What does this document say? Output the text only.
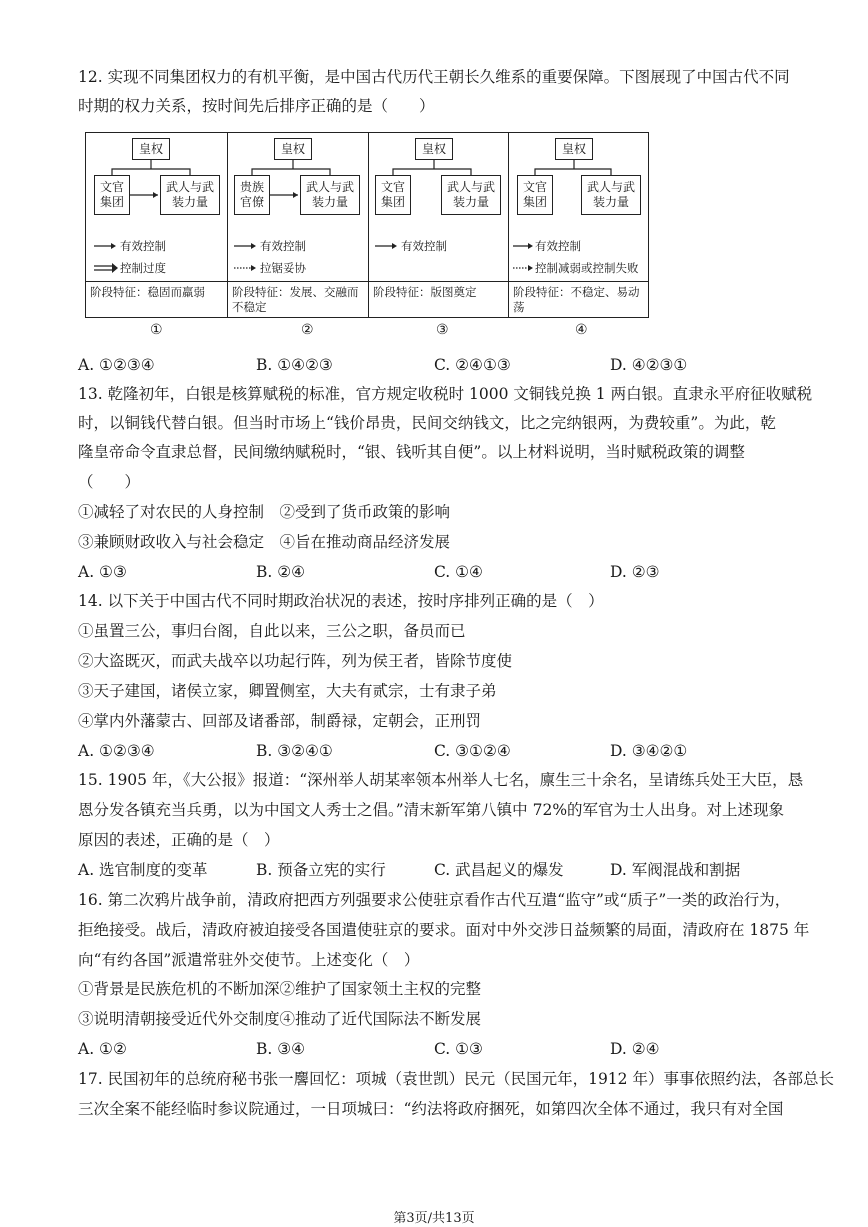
12. 实现不同集团权力的有机平衡，是中国古代历代王朝长久维系的重要保障。下图展现了中国古代不同
时期的权力关系，按时间先后排序正确的是（　　）
皇权
文官集团
武人与武装力量
有效控制
控制过度
阶段特征：稳固而羸弱
皇权
贵族官僚
武人与武装力量
有效控制
拉锯妥协
阶段特征：发展、交融而不稳定
皇权
文官集团
武人与武装力量
有效控制
阶段特征：版图奠定
皇权
文官集团
武人与武装力量
有效控制
控制减弱或控制失败
阶段特征：不稳定、易动荡
①	②	③	④
A. ①②③④	B. ①④②③	C. ②④①③	D. ④②③①
13. 乾隆初年，白银是核算赋税的标准，官方规定收税时 1000 文铜钱兑换 1 两白银。直隶永平府征收赋税
时，以铜钱代替白银。但当时市场上“钱价昂贵，民间交纳钱文，比之完纳银两，为费较重”。为此，乾
隆皇帝命令直隶总督，民间缴纳赋税时，“银、钱听其自便”。以上材料说明，当时赋税政策的调整
（　　）
①减轻了对农民的人身控制　②受到了货币政策的影响
③兼顾财政收入与社会稳定　④旨在推动商品经济发展
A. ①③	B. ②④	C. ①④	D. ②③
14. 以下关于中国古代不同时期政治状况的表述，按时序排列正确的是（　）
①虽置三公，事归台阁，自此以来，三公之职，备员而已
②大盗既灭，而武夫战卒以功起行阵，列为侯王者，皆除节度使
③天子建国，诸侯立家，卿置侧室，大夫有贰宗，士有隶子弟
④掌内外藩蒙古、回部及诸番部，制爵禄，定朝会，正刑罚
A. ①②③④	B. ③②④①	C. ③①②④	D. ③④②①
15. 1905 年，《大公报》报道：“深州举人胡某率领本州举人七名，廪生三十余名，呈请练兵处王大臣，恳
恩分发各镇充当兵勇，以为中国文人秀士之倡。”清末新军第八镇中 72%的军官为士人出身。对上述现象
原因的表述，正确的是（　）
A. 选官制度的变革	B. 预备立宪的实行	C. 武昌起义的爆发	D. 军阀混战和割据
16. 第二次鸦片战争前，清政府把西方列强要求公使驻京看作古代互遣“监守”或“质子”一类的政治行为，
拒绝接受。战后，清政府被迫接受各国遣使驻京的要求。面对中外交涉日益频繁的局面，清政府在 1875 年
向“有约各国”派遣常驻外交使节。上述变化（　）
①背景是民族危机的不断加深②维护了国家领土主权的完整
③说明清朝接受近代外交制度④推动了近代国际法不断发展
A. ①②	B. ③④	C. ①③	D. ②④
17. 民国初年的总统府秘书张一麐回忆：项城（袁世凯）民元（民国元年，1912 年）事事依照约法，各部总长
三次全案不能经临时参议院通过，一日项城曰：“约法将政府捆死，如第四次全体不通过，我只有对全国
第3页/共13页
